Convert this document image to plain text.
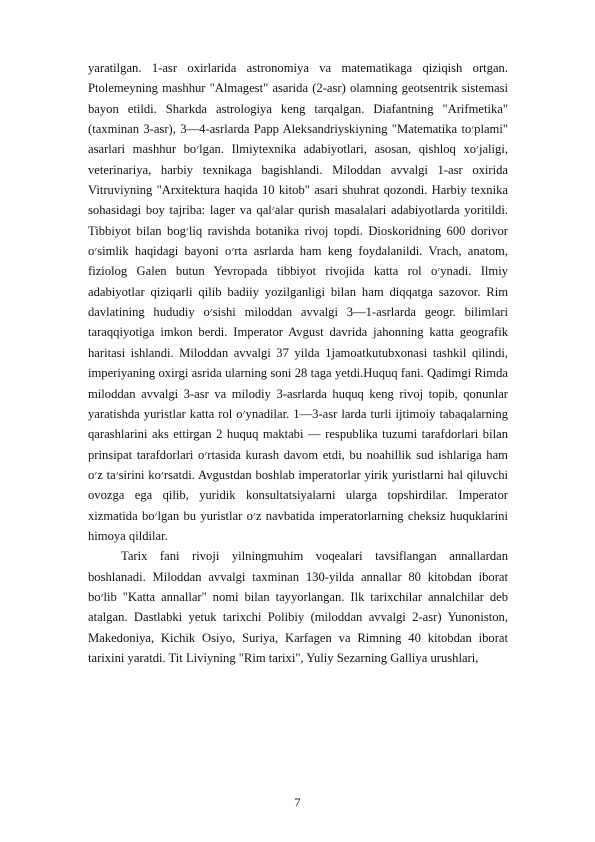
yaratilgan. 1-asr oxirlarida astronomiya va matematikaga qiziqish ortgan. Ptolemeyning mashhur "Almagest" asarida (2-asr) olamning geotsentrik sistemasi bayon etildi. Sharkda astrologiya keng tarqalgan. Diafantning "Arifmetika" (taxminan 3-asr), 3—4-asrlarda Papp Aleksandriyskiyning "Matematika to׳plami" asarlari mashhur bo׳lgan. Ilmiytexnika adabiyotlari, asosan, qishloq xo׳jaligi, veterinariya, harbiy texnikaga bagishlandi. Miloddan avvalgi 1-asr oxirida Vitruviyning "Arxitektura haqida 10 kitob" asari shuhrat qozondi. Harbiy texnika sohasidagi boy tajriba: lager va qal׳alar qurish masalalari adabiyotlarda yoritildi. Tibbiyot bilan bog׳liq ravishda botanika rivoj topdi. Dioskoridning 600 dorivor o׳simlik haqidagi bayoni o׳rta asrlarda ham keng foydalanildi. Vrach, anatom, fiziolog Galen butun Yevropada tibbiyot rivojida katta rol o׳ynadi. Ilmiy adabiyotlar qiziqarli qilib badiiy yozilganligi bilan ham diqqatga sazovor. Rim davlatining hududiy o׳sishi miloddan avvalgi 3—1-asrlarda geogr. bilimlari taraqqiyotiga imkon berdi. Imperator Avgust davrida jahonning katta geografik haritasi ishlandi. Miloddan avvalgi 37 yilda 1jamoatkutubxonasi tashkil qilindi, imperiyaning oxirgi asrida ularning soni 28 taga yetdi.Huquq fani. Qadimgi Rimda miloddan avvalgi 3-asr va milodiy 3-asrlarda huquq keng rivoj topib, qonunlar yaratishda yuristlar katta rol o׳ynadilar. 1—3-asr larda turli ijtimoiy tabaqalarning qarashlarini aks ettirgan 2 huquq maktabi — respublika tuzumi tarafdorlari bilan prinsipat tarafdorlari o׳rtasida kurash davom etdi, bu noahillik sud ishlariga ham o׳z ta׳sirini ko׳rsatdi. Avgustdan boshlab imperatorlar yirik yuristlarni hal qiluvchi ovozga ega qilib, yuridik konsultatsiyalarni ularga topshirdilar. Imperator xizmatida bo׳lgan bu yuristlar o׳z navbatida imperatorlarning cheksiz huquklarini himoya qildilar.

Tarix fani rivoji yilningmuhim voqealari tavsiflangan annallardan boshlanadi. Miloddan avvalgi taxminan 130-yilda annallar 80 kitobdan iborat bo׳lib "Katta annallar" nomi bilan tayyorlangan. Ilk tarixchilar annalchilar deb atalgan. Dastlabki yetuk tarixchi Polibiy (miloddan avvalgi 2-asr) Yunoniston, Makedoniya, Kichik Osiyo, Suriya, Karfagen va Rimning 40 kitobdan iborat tarixini yaratdi. Tit Liviyning "Rim tarixi", Yuliy Sezarning Galliya urushlari,

7
